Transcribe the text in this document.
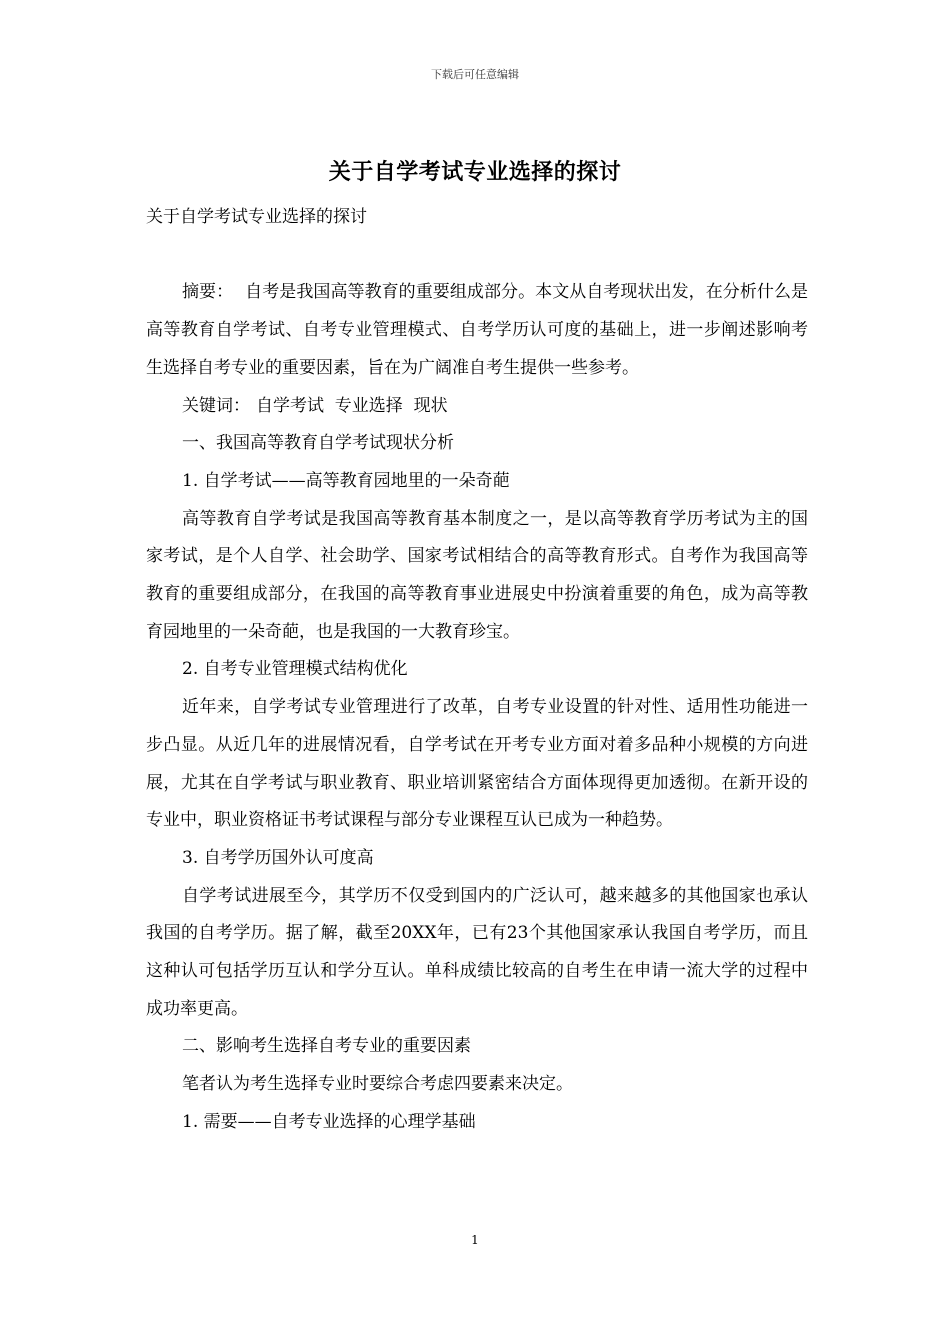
下载后可任意编辑
关于自学考试专业选择的探讨

关于自学考试专业选择的探讨

摘要： 自考是我国高等教育的重要组成部分。本文从自考现状出发，在分析什么是高等教育自学考试、自考专业管理模式、自考学历认可度的基础上，进一步阐述影响考生选择自考专业的重要因素，旨在为广阔准自考生提供一些参考。

关键词： 自学考试  专业选择  现状

一、我国高等教育自学考试现状分析

1. 自学考试——高等教育园地里的一朵奇葩

高等教育自学考试是我国高等教育基本制度之一，是以高等教育学历考试为主的国家考试，是个人自学、社会助学、国家考试相结合的高等教育形式。自考作为我国高等教育的重要组成部分，在我国的高等教育事业进展史中扮演着重要的角色，成为高等教育园地里的一朵奇葩，也是我国的一大教育珍宝。

2. 自考专业管理模式结构优化

近年来，自学考试专业管理进行了改革，自考专业设置的针对性、适用性功能进一步凸显。从近几年的进展情况看，自学考试在开考专业方面对着多品种小规模的方向进展，尤其在自学考试与职业教育、职业培训紧密结合方面体现得更加透彻。在新开设的专业中，职业资格证书考试课程与部分专业课程互认已成为一种趋势。

3. 自考学历国外认可度高

自学考试进展至今，其学历不仅受到国内的广泛认可，越来越多的其他国家也承认我国的自考学历。据了解，截至20XX年，已有23个其他国家承认我国自考学历，而且这种认可包括学历互认和学分互认。单科成绩比较高的自考生在申请一流大学的过程中成功率更高。

二、影响考生选择自考专业的重要因素

笔者认为考生选择专业时要综合考虑四要素来决定。

1. 需要——自考专业选择的心理学基础

1
